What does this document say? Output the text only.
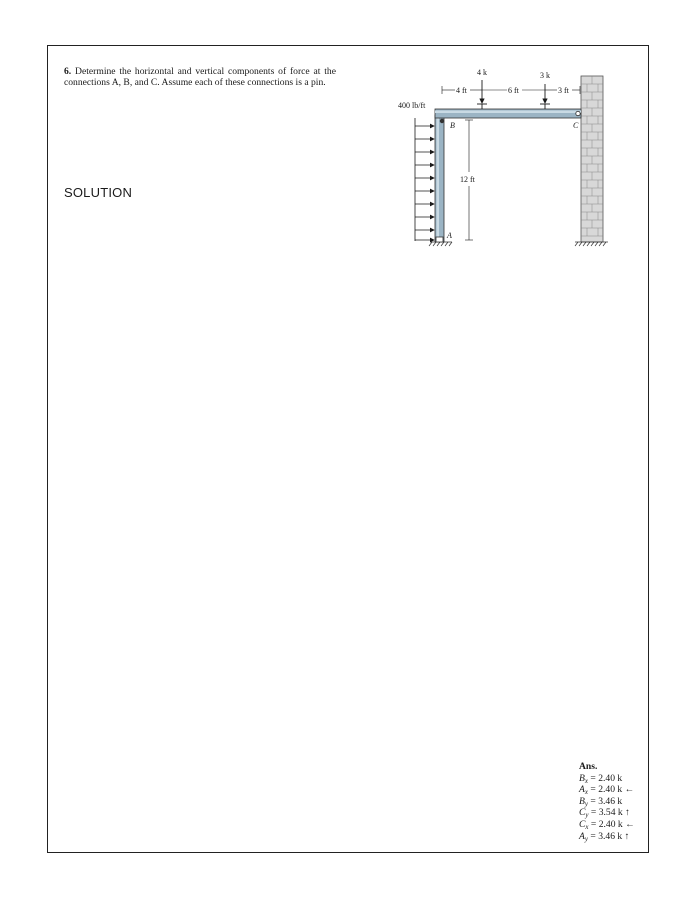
6. Determine the horizontal and vertical components of force at the connections A, B, and C. Assume each of these connections is a pin.
SOLUTION
400 lb/ft
4 k	3 k
4 ft	6 ft	3 ft
12 ft
B	C
A
Ans.
$B_x = 2.40$ k
$A_x = 2.40$ k ←
$B_y = 3.46$ k
$C_y = 3.54$ k ↑
$C_x = 2.40$ k ←
$A_y = 3.46$ k ↑
